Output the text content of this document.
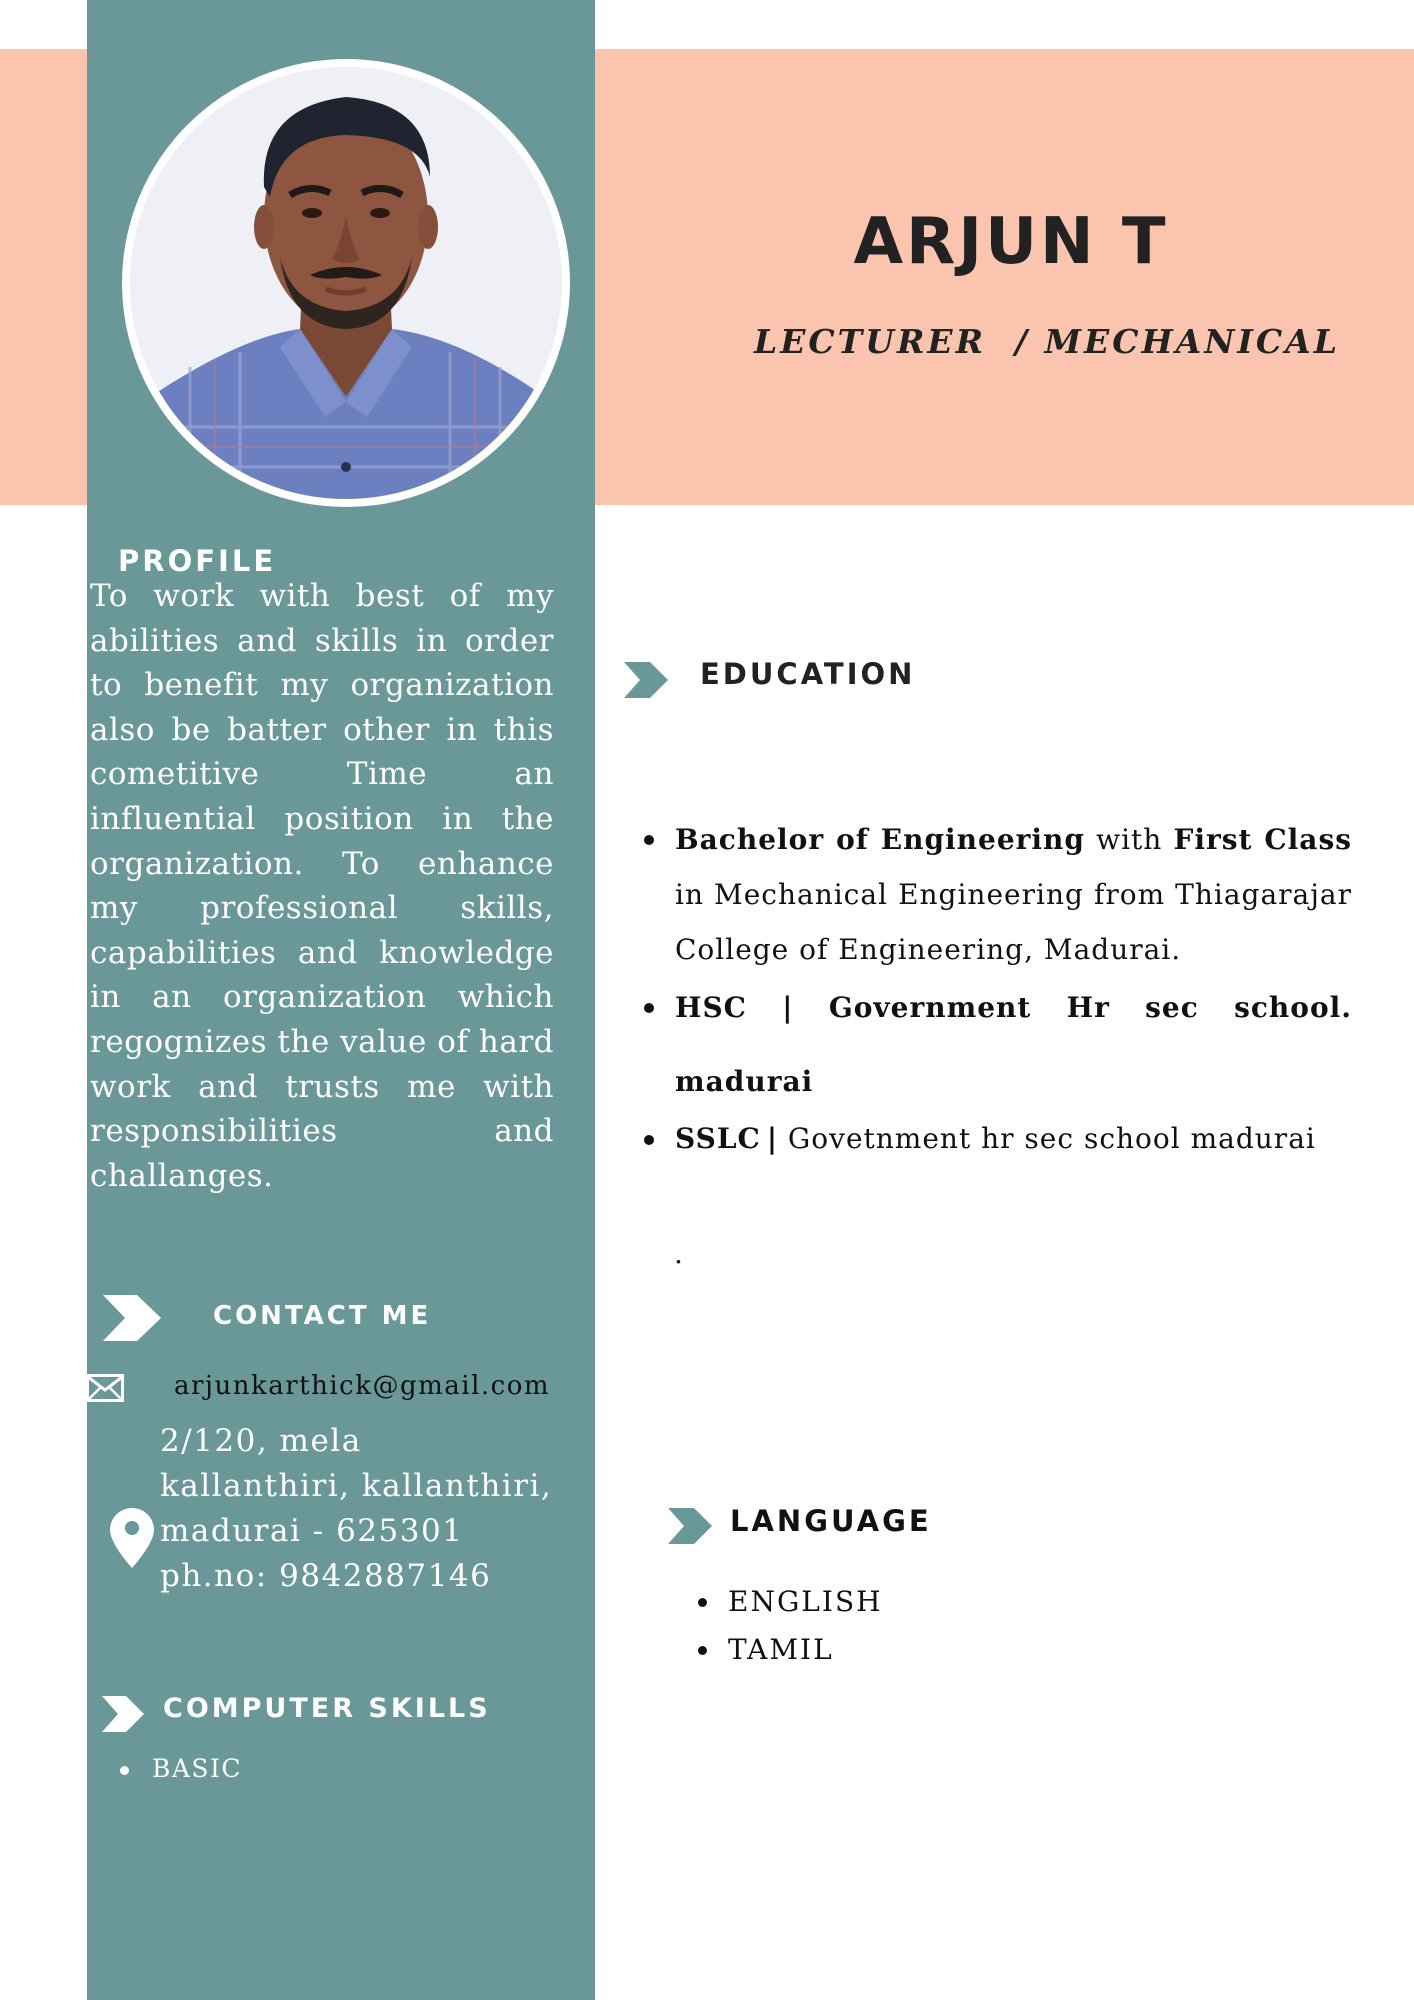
ARJUN T
LECTURER  / MECHANICAL
PROFILE
To work with best of my abilities and skills in order to benefit my organization also be batter other in this cometitive Time an influential position in the organization. To enhance my professional skills, capabilities and knowledge in an organization which regognizes the value of hard work and trusts me with responsibilities and challanges.
CONTACT ME
arjunkarthick@gmail.com
2/120, mela
kallanthiri, kallanthiri,
madurai - 625301
ph.no: 9842887146
COMPUTER SKILLS
BASIC
EDUCATION
Bachelor of Engineering with First Class in Mechanical Engineering from Thiagarajar College of Engineering, Madurai.
HSC | Government Hr sec school. madurai
SSLC | Govetnment hr sec school madurai
.
LANGUAGE
ENGLISH
TAMIL
